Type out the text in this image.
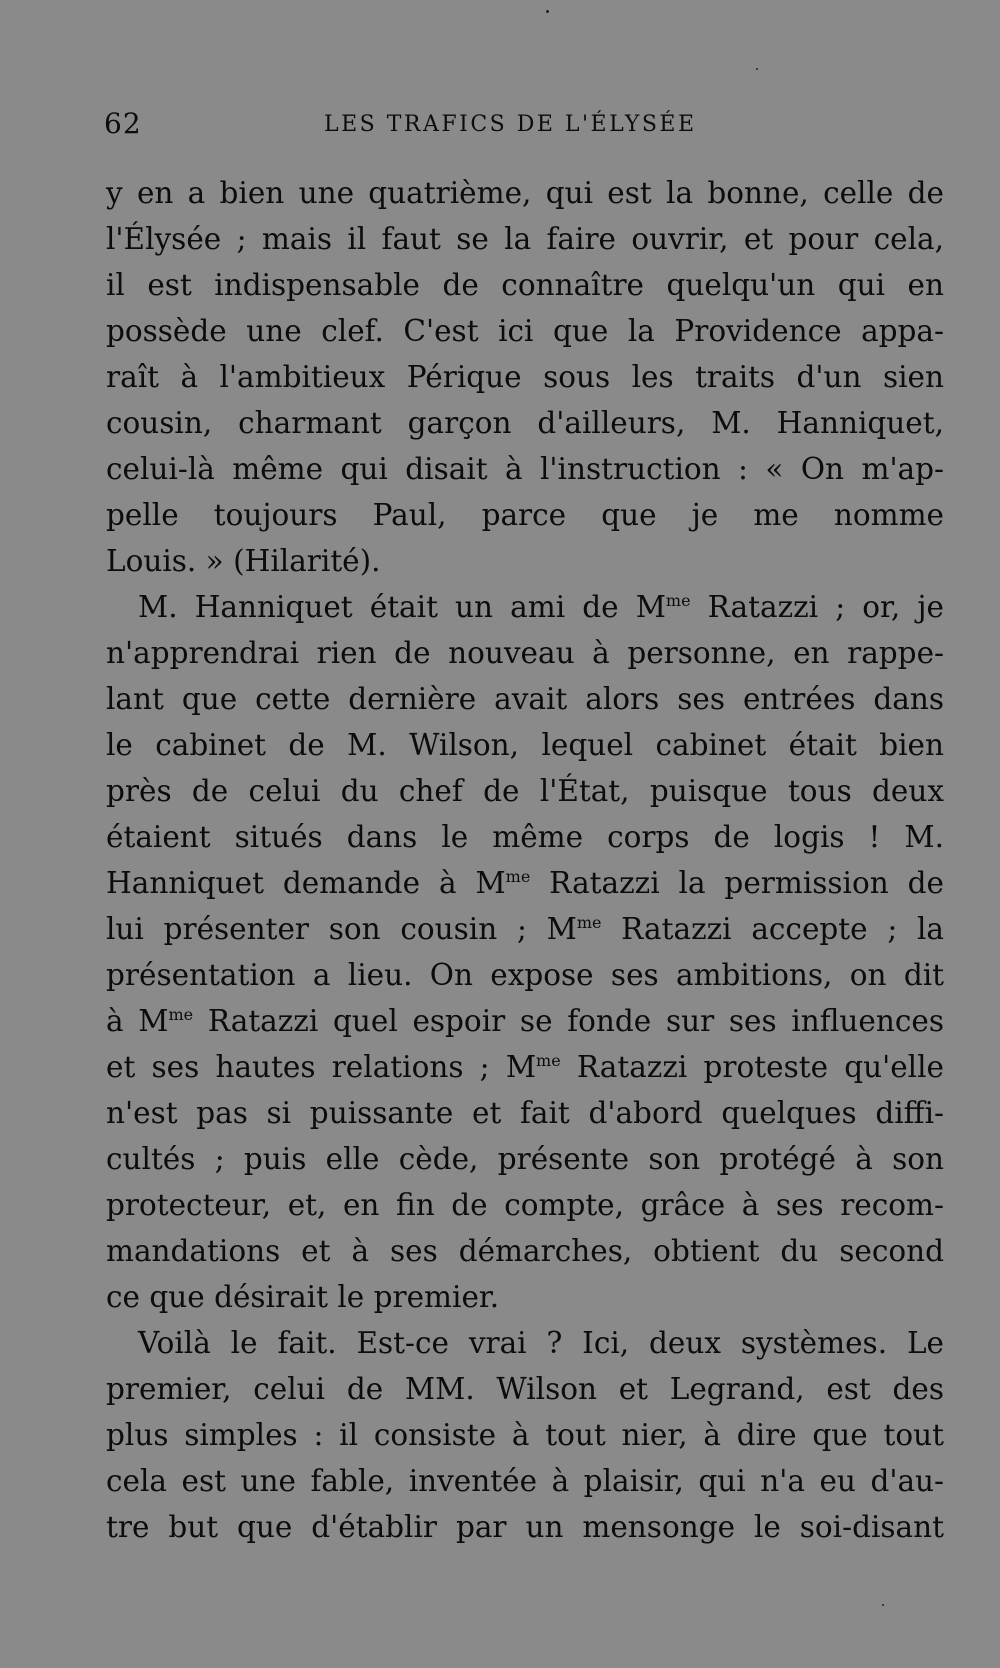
62	LES TRAFICS DE L'ÉLYSÉE
y en a bien une quatrième, qui est la bonne, celle de
l'Élysée ; mais il faut se la faire ouvrir, et pour cela,
il est indispensable de connaître quelqu'un qui en
possède une clef. C'est ici que la Providence appa-
raît à l'ambitieux Périque sous les traits d'un sien
cousin, charmant garçon d'ailleurs, M. Hanniquet,
celui-là même qui disait à l'instruction : « On m'ap-
pelle toujours Paul, parce que je me nomme
Louis. » (Hilarité).
M. Hanniquet était un ami de $M^{me}$ Ratazzi ; or, je
n'apprendrai rien de nouveau à personne, en rappe-
lant que cette dernière avait alors ses entrées dans
le cabinet de M. Wilson, lequel cabinet était bien
près de celui du chef de l'État, puisque tous deux
étaient situés dans le même corps de logis ! M.
Hanniquet demande à $M^{me}$ Ratazzi la permission de
lui présenter son cousin ; $M^{me}$ Ratazzi accepte ; la
présentation a lieu. On expose ses ambitions, on dit
à $M^{me}$ Ratazzi quel espoir se fonde sur ses influences
et ses hautes relations ; $M^{me}$ Ratazzi proteste qu'elle
n'est pas si puissante et fait d'abord quelques diffi-
cultés ; puis elle cède, présente son protégé à son
protecteur, et, en fin de compte, grâce à ses recom-
mandations et à ses démarches, obtient du second
ce que désirait le premier.
Voilà le fait. Est-ce vrai ? Ici, deux systèmes. Le
premier, celui de MM. Wilson et Legrand, est des
plus simples : il consiste à tout nier, à dire que tout
cela est une fable, inventée à plaisir, qui n'a eu d'au-
tre but que d'établir par un mensonge le soi-disant
